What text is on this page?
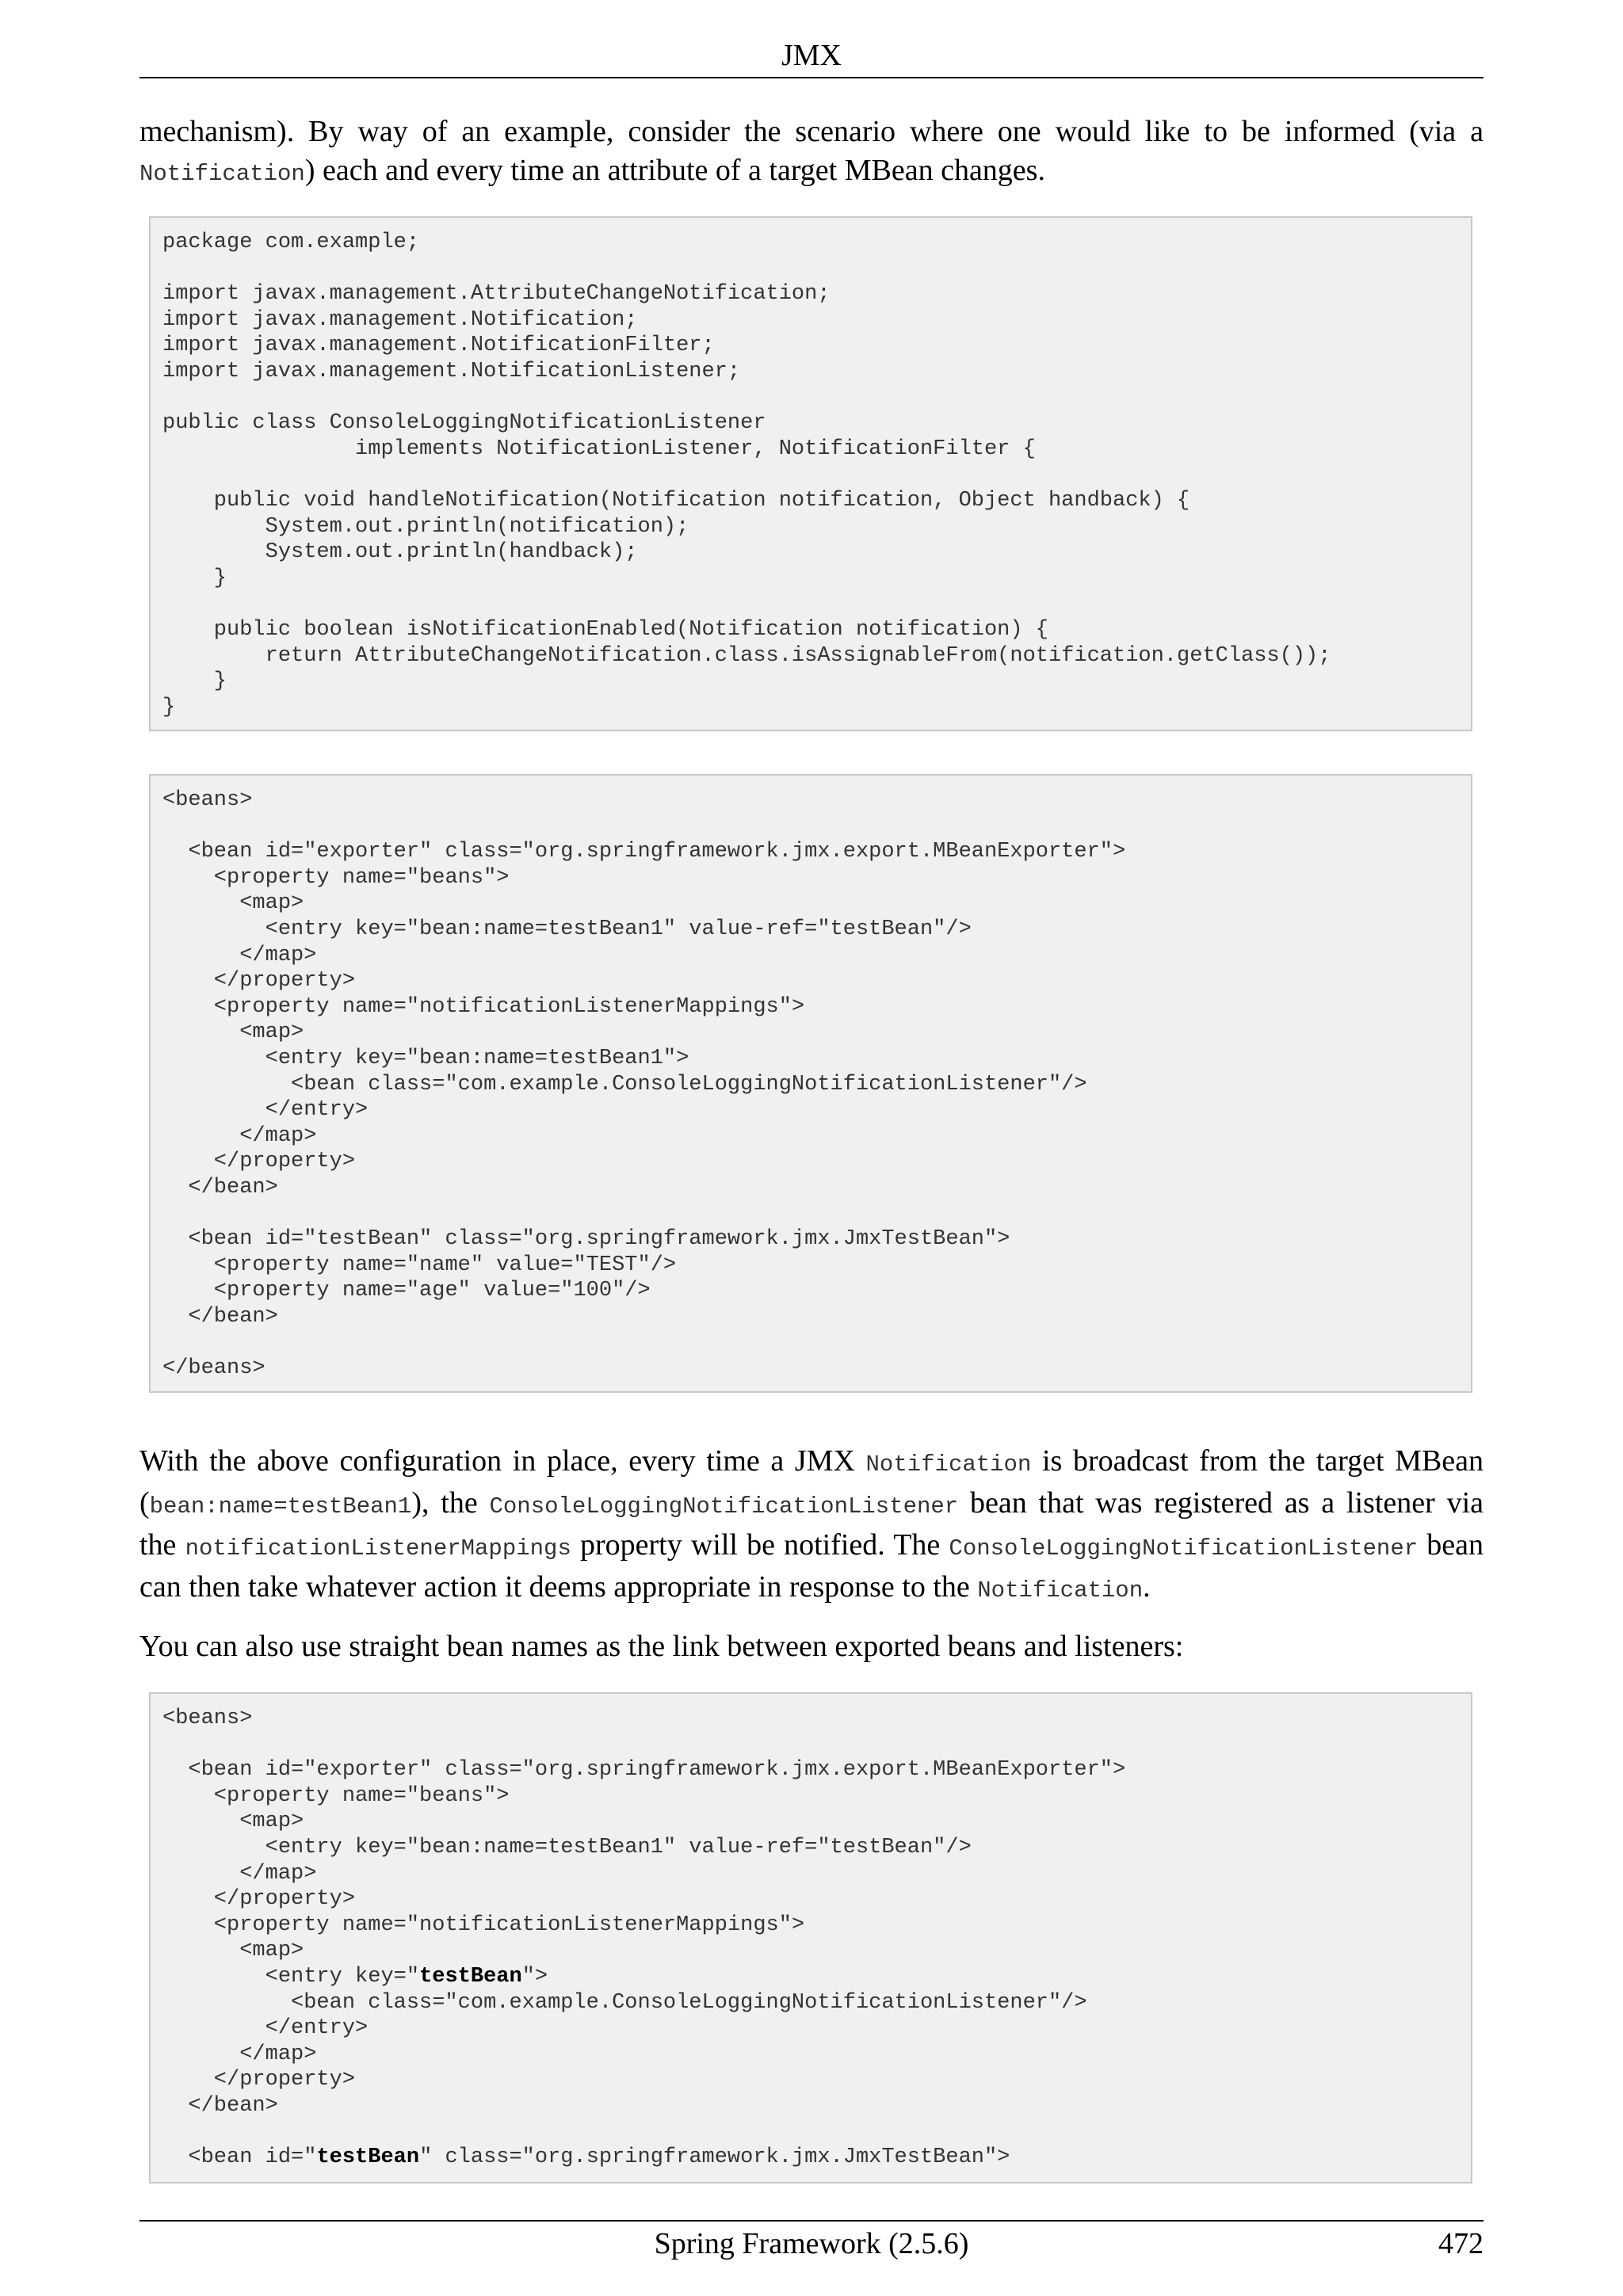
JMX

mechanism). By way of an example, consider the scenario where one would like to be informed (via a Notification) each and every time an attribute of a target MBean changes.

package com.example;
import javax.management.AttributeChangeNotification;
import javax.management.Notification;
import javax.management.NotificationFilter;
import javax.management.NotificationListener;
public class ConsoleLoggingNotificationListener
implements NotificationListener, NotificationFilter {
public void handleNotification(Notification notification, Object handback) {
System.out.println(notification);
System.out.println(handback);
}
public boolean isNotificationEnabled(Notification notification) {
return AttributeChangeNotification.class.isAssignableFrom(notification.getClass());
}
}
<beans>
<bean id="exporter" class="org.springframework.jmx.export.MBeanExporter">
<property name="beans">
<map>
<entry key="bean:name=testBean1" value-ref="testBean"/>
</map>
</property>
<property name="notificationListenerMappings">
<map>
<entry key="bean:name=testBean1">
<bean class="com.example.ConsoleLoggingNotificationListener"/>
</entry>
</map>
</property>
</bean>
<bean id="testBean" class="org.springframework.jmx.JmxTestBean">
<property name="name" value="TEST"/>
<property name="age" value="100"/>
</bean>
</beans>

With the above configuration in place, every time a JMX Notification is broadcast from the target MBean (bean:name=testBean1), the ConsoleLoggingNotificationListener bean that was registered as a listener via the notificationListenerMappings property will be notified. The ConsoleLoggingNotificationListener bean can then take whatever action it deems appropriate in response to the Notification.

You can also use straight bean names as the link between exported beans and listeners:

<beans>
<bean id="exporter" class="org.springframework.jmx.export.MBeanExporter">
<property name="beans">
<map>
<entry key="bean:name=testBean1" value-ref="testBean"/>
</map>
</property>
<property name="notificationListenerMappings">
<map>
<entry key="testBean">
<bean class="com.example.ConsoleLoggingNotificationListener"/>
</entry>
</map>
</property>
</bean>
<bean id="testBean" class="org.springframework.jmx.JmxTestBean">
Spring Framework (2.5.6)	472
